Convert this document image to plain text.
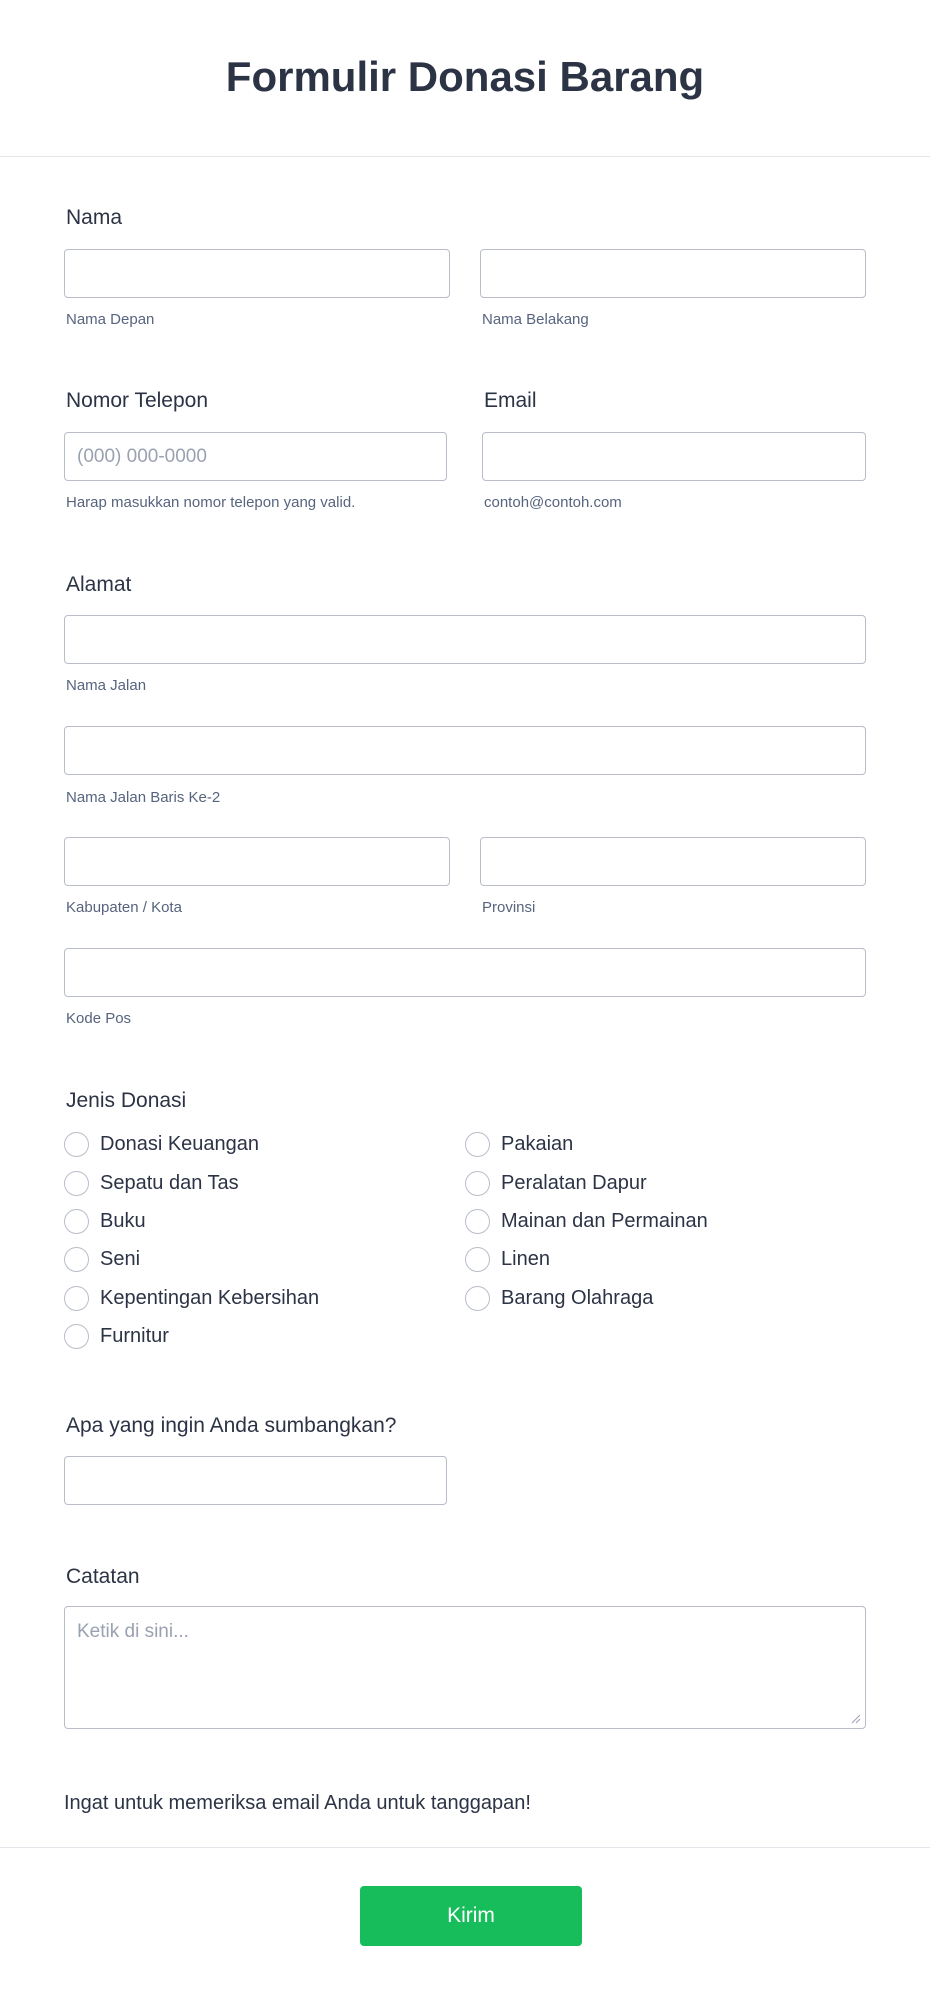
Formulir Donasi Barang
Nama
Nama Depan	Nama Belakang
Nomor Telepon
(000) 000-0000
Harap masukkan nomor telepon yang valid.
Email
contoh@contoh.com
Alamat
Nama Jalan
Nama Jalan Baris Ke-2
Kabupaten / Kota	Provinsi
Kode Pos
Jenis Donasi
Donasi Keuangan
Sepatu dan Tas
Buku
Seni
Kepentingan Kebersihan
Furnitur
Pakaian
Peralatan Dapur
Mainan dan Permainan
Linen
Barang Olahraga
Apa yang ingin Anda sumbangkan?
Catatan
Ketik di sini...
Ingat untuk memeriksa email Anda untuk tanggapan!
Kirim
